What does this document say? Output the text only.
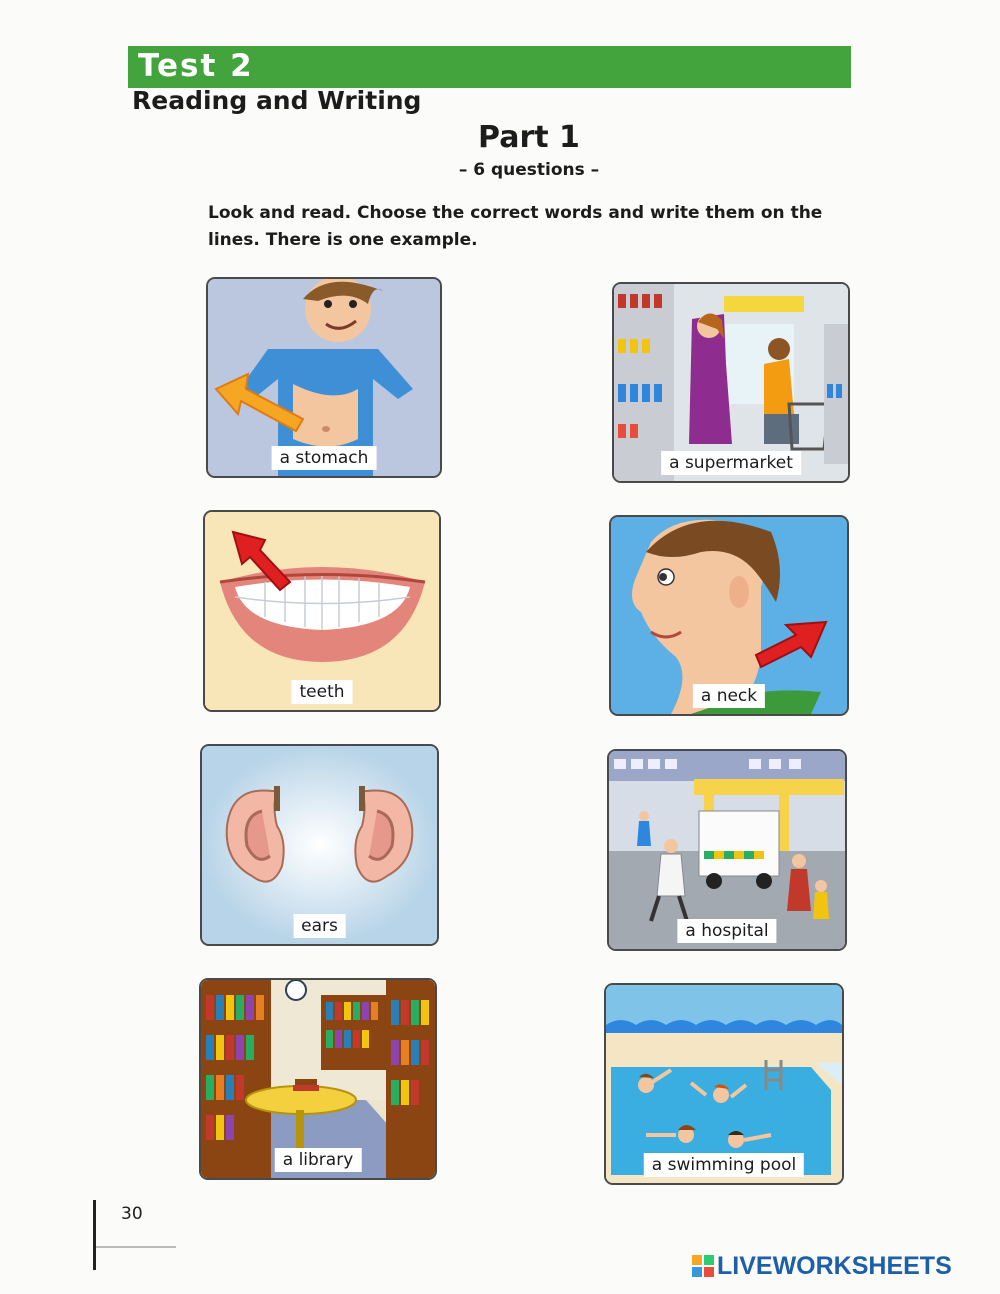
Test 2
Reading and Writing
Part 1
– 6 questions –
Look and read. Choose the correct words and write them on the lines. There is one example.
a stomach	a supermarket
teeth	a neck
ears	a hospital
a library	a swimming pool
30
LIVEWORKSHEETS
